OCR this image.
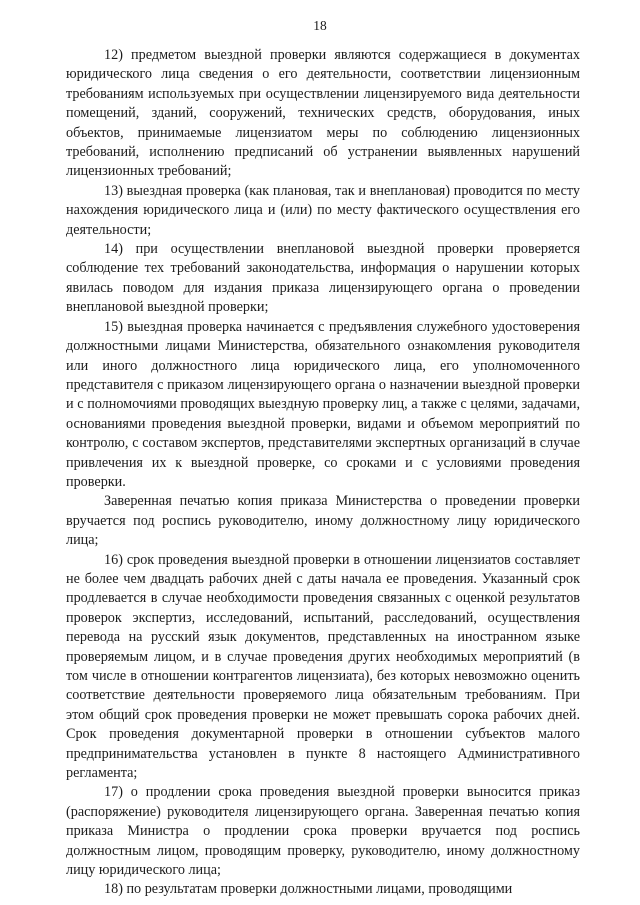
18

12) предметом выездной проверки являются содержащиеся в документах юридического лица сведения о его деятельности, соответствии лицензионным требованиям используемых при осуществлении лицензируемого вида деятельности помещений, зданий, сооружений, технических средств, оборудования, иных объектов, принимаемые лицензиатом меры по соблюдению лицензионных требований, исполнению предписаний об устранении выявленных нарушений лицензионных требований;

13) выездная проверка (как плановая, так и внеплановая) проводится по месту нахождения юридического лица и (или) по месту фактического осуществления его деятельности;

14) при осуществлении внеплановой выездной проверки проверяется соблюдение тех требований законодательства, информация о нарушении которых явилась поводом для издания приказа лицензирующего органа о проведении внеплановой выездной проверки;

15) выездная проверка начинается с предъявления служебного удостоверения должностными лицами Министерства, обязательного ознакомления руководителя или иного должностного лица юридического лица, его уполномоченного представителя с приказом лицензирующего органа о назначении выездной проверки и с полномочиями проводящих выездную проверку лиц, а также с целями, задачами, основаниями проведения выездной проверки, видами и объемом мероприятий по контролю, с составом экспертов, представителями экспертных организаций в случае привлечения их к выездной проверке, со сроками и с условиями проведения проверки.

Заверенная печатью копия приказа Министерства о проведении проверки вручается под роспись руководителю, иному должностному лицу юридического лица;

16) срок проведения выездной проверки в отношении лицензиатов составляет не более чем двадцать рабочих дней с даты начала ее проведения. Указанный срок продлевается в случае необходимости проведения связанных с оценкой результатов проверок экспертиз, исследований, испытаний, расследований, осуществления перевода на русский язык документов, представленных на иностранном языке проверяемым лицом, и в случае проведения других необходимых мероприятий (в том числе в отношении контрагентов лицензиата), без которых невозможно оценить соответствие деятельности проверяемого лица обязательным требованиям. При этом общий срок проведения проверки не может превышать сорока рабочих дней. Срок проведения документарной проверки в отношении субъектов малого предпринимательства установлен в пункте 8 настоящего Административного регламента;

17) о продлении срока проведения выездной проверки выносится приказ (распоряжение) руководителя лицензирующего органа. Заверенная печатью копия приказа Министра о продлении срока проверки вручается под роспись должностным лицом, проводящим проверку, руководителю, иному должностному лицу юридического лица;

18) по результатам проверки должностными лицами, проводящими
